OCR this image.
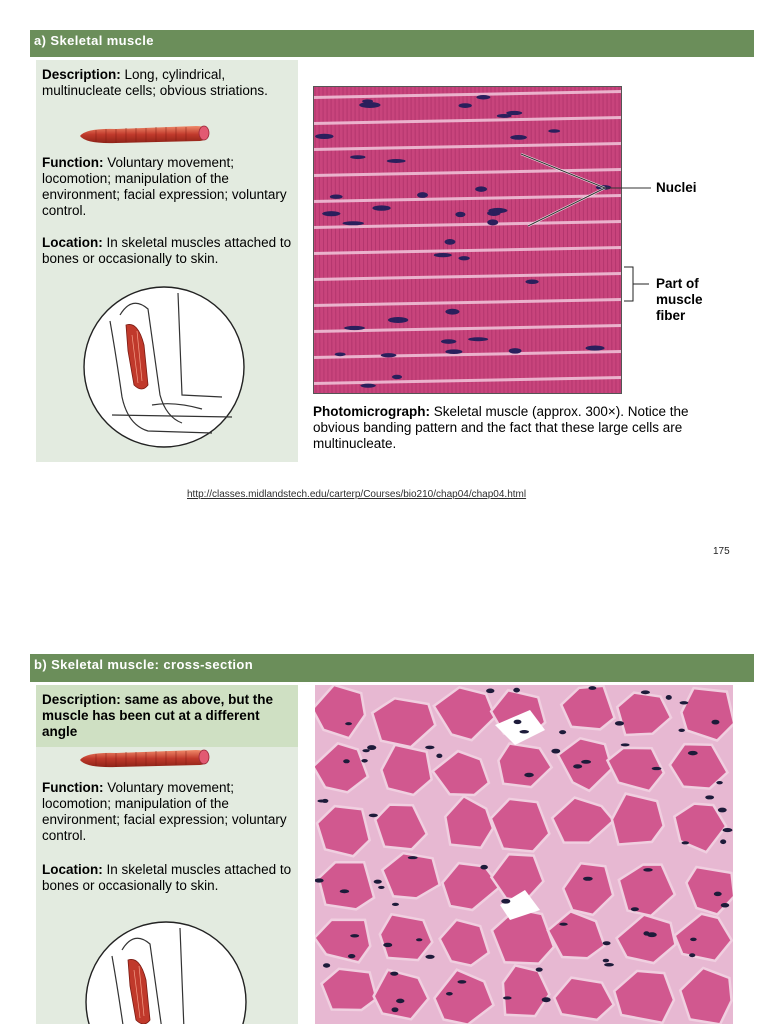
a) Skeletal muscle
Description: Long, cylindrical, multinucleate cells; obvious striations.
Function: Voluntary movement; locomotion; manipulation of the environment; facial expression; voluntary control.
Location: In skeletal muscles attached to bones or occasionally to skin.
Nuclei
Part of
muscle
fiber
Photomicrograph: Skeletal muscle (approx. 300×). Notice the obvious banding pattern and the fact that these large cells are multinucleate.
http://classes.midlandstech.edu/carterp/Courses/bio210/chap04/chap04.html
175
b) Skeletal muscle: cross-section
Description: same as above, but the muscle has been cut at a different angle
Function: Voluntary movement; locomotion; manipulation of the environment; facial expression; voluntary control.
Location: In skeletal muscles attached to bones or occasionally to skin.
